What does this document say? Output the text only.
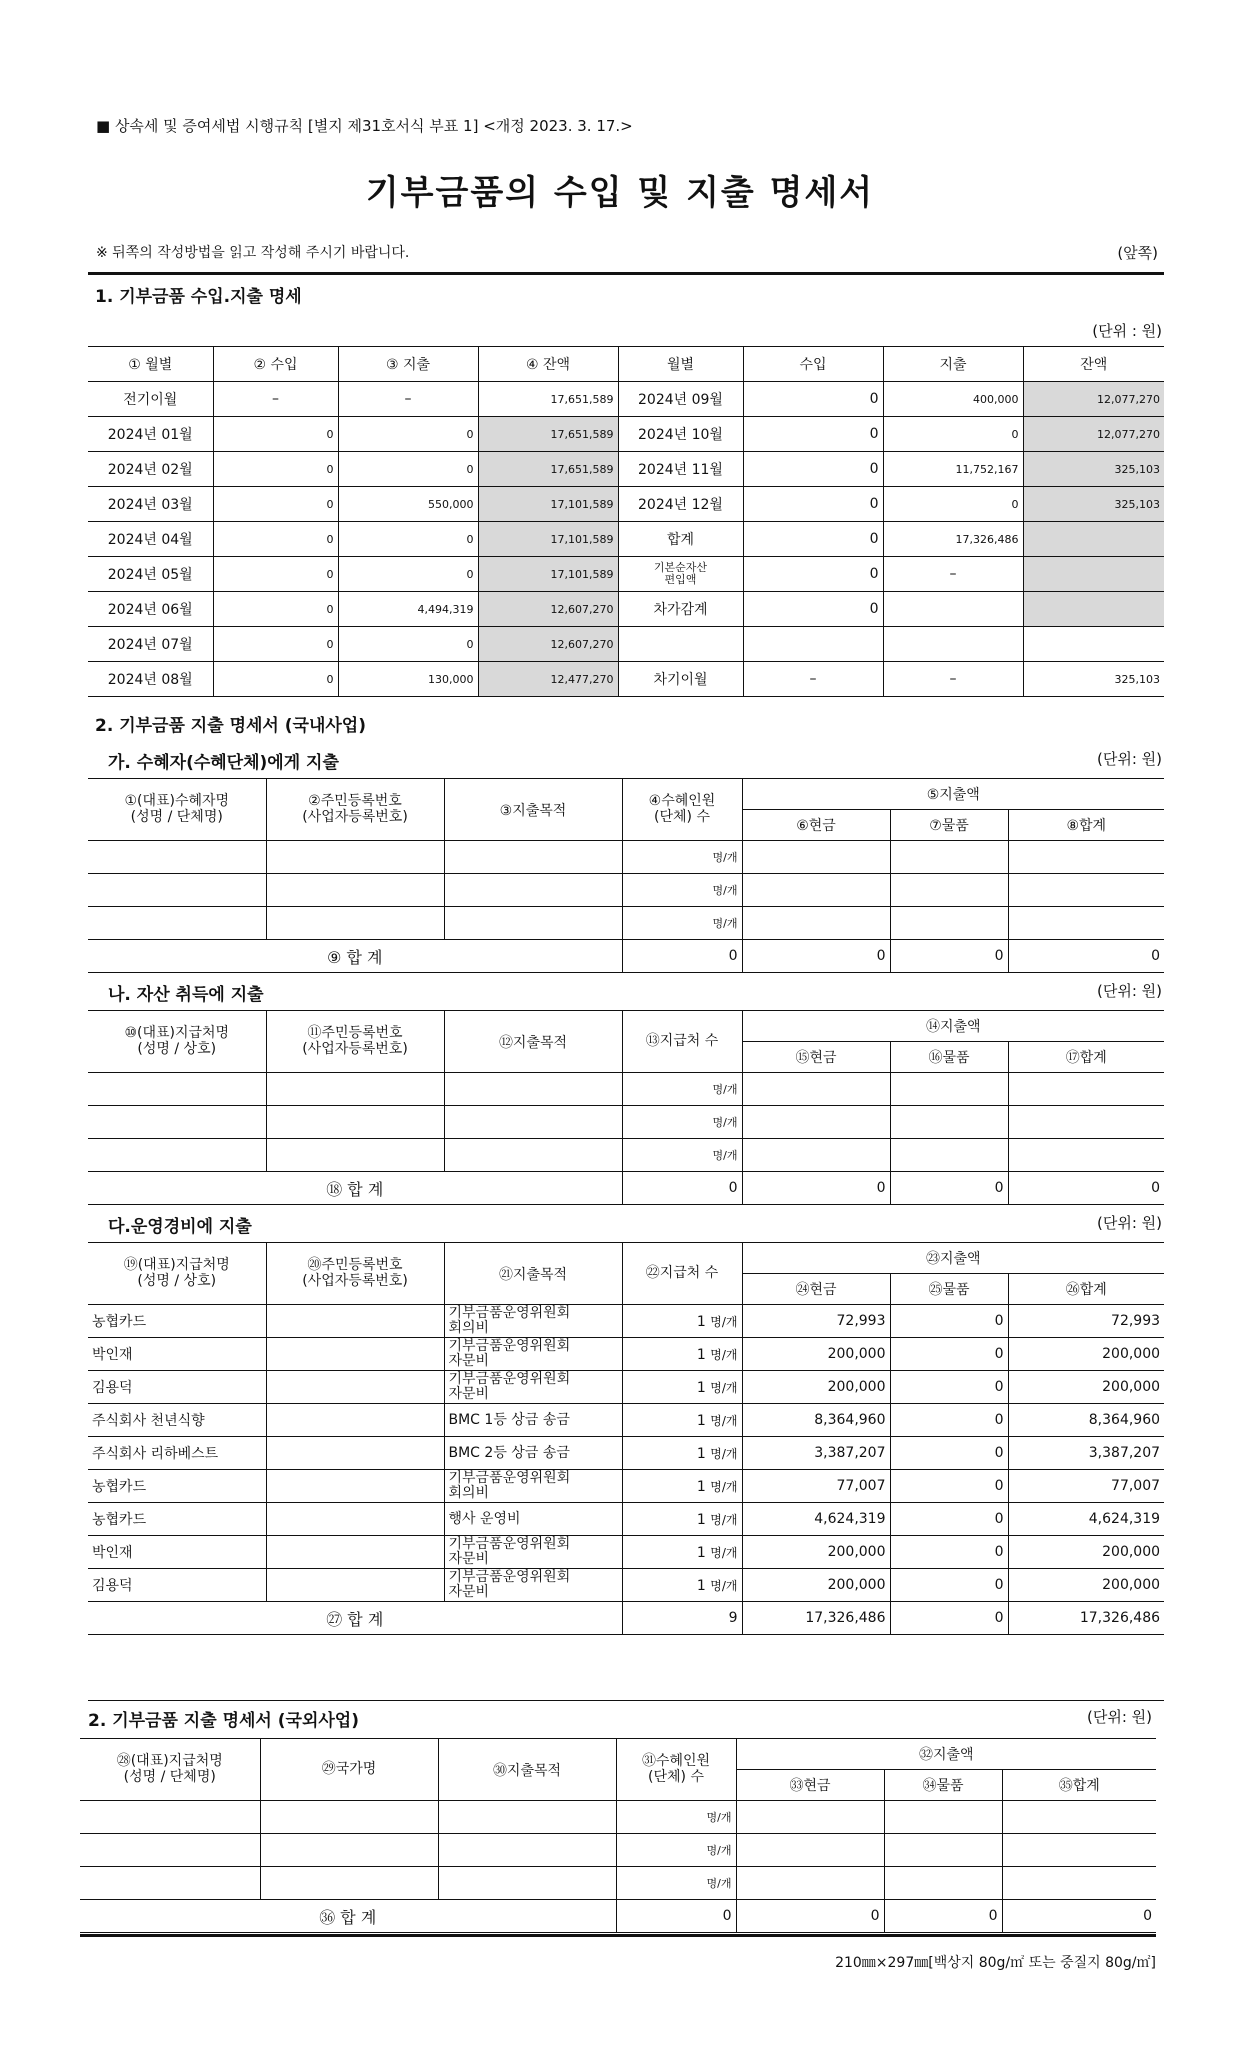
■ 상속세 및 증여세법 시행규칙 [별지 제31호서식 부표 1] <개정 2023. 3. 17.>
기부금품의 수입 및 지출 명세서
※ 뒤쪽의 작성방법을 읽고 작성해 주시기 바랍니다.	(앞쪽)
1. 기부금품 수입.지출 명세
(단위 : 원)
① 월별	② 수입	③ 지출	④ 잔액	월별	수입	지출	잔액
전기이월	–	–	17,651,589	2024년 09월	0	400,000	12,077,270
2024년 01월	0	0	17,651,589	2024년 10월	0	0	12,077,270
2024년 02월	0	0	17,651,589	2024년 11월	0	11,752,167	325,103
2024년 03월	0	550,000	17,101,589	2024년 12월	0	0	325,103
2024년 04월	0	0	17,101,589	합계	0	17,326,486	
2024년 05월	0	0	17,101,589	기본순자산
편입액	0	–	
2024년 06월	0	4,494,319	12,607,270	차가감계	0		
2024년 07월	0	0	12,607,270				
2024년 08월	0	130,000	12,477,270	차기이월	–	–	325,103
2. 기부금품 지출 명세서 (국내사업)
가. 수혜자(수혜단체)에게 지출	(단위: 원)
①(대표)수혜자명
(성명 / 단체명)	②주민등록번호
(사업자등록번호)	③지출목적	④수혜인원
(단체) 수	⑤지출액		
				⑥현금	⑦물품	⑧합계
			명/개			
			명/개			
			명/개			
⑨ 합 계			0	0	0	0
나. 자산 취득에 지출	(단위: 원)
⑩(대표)지급처명
(성명 / 상호)	⑪주민등록번호
(사업자등록번호)	⑫지출목적	⑬지급처 수	⑭지출액		
				⑮현금	⑯물품	⑰합계
			명/개			
			명/개			
			명/개			
⑱ 합 계			0	0	0	0
다.운영경비에 지출	(단위: 원)
⑲(대표)지급처명
(성명 / 상호)	⑳주민등록번호
(사업자등록번호)	㉑지출목적	㉒지급처 수	㉓지출액		
				㉔현금	㉕물품	㉖합계
농협카드		기부금품운영위원회
회의비	1 명/개	72,993	0	72,993
박인재		기부금품운영위원회
자문비	1 명/개	200,000	0	200,000
김용덕		기부금품운영위원회
자문비	1 명/개	200,000	0	200,000
주식회사 천년식향		BMC 1등 상금 송금	1 명/개	8,364,960	0	8,364,960
주식회사 리하베스트		BMC 2등 상금 송금	1 명/개	3,387,207	0	3,387,207
농협카드		기부금품운영위원회
회의비	1 명/개	77,007	0	77,007
농협카드		행사 운영비	1 명/개	4,624,319	0	4,624,319
박인재		기부금품운영위원회
자문비	1 명/개	200,000	0	200,000
김용덕		기부금품운영위원회
자문비	1 명/개	200,000	0	200,000
㉗ 합 계			9	17,326,486	0	17,326,486
2. 기부금품 지출 명세서 (국외사업)	(단위: 원)
㉘(대표)지급처명
(성명 / 단체명)	㉙국가명	㉚지출목적	㉛수혜인원
(단체) 수	㉜지출액		
				㉝현금	㉞물품	㉟합계
			명/개			
			명/개			
			명/개			
㊱ 합 계			0	0	0	0
210㎜×297㎜[백상지 80g/㎡ 또는 중질지 80g/㎡]
